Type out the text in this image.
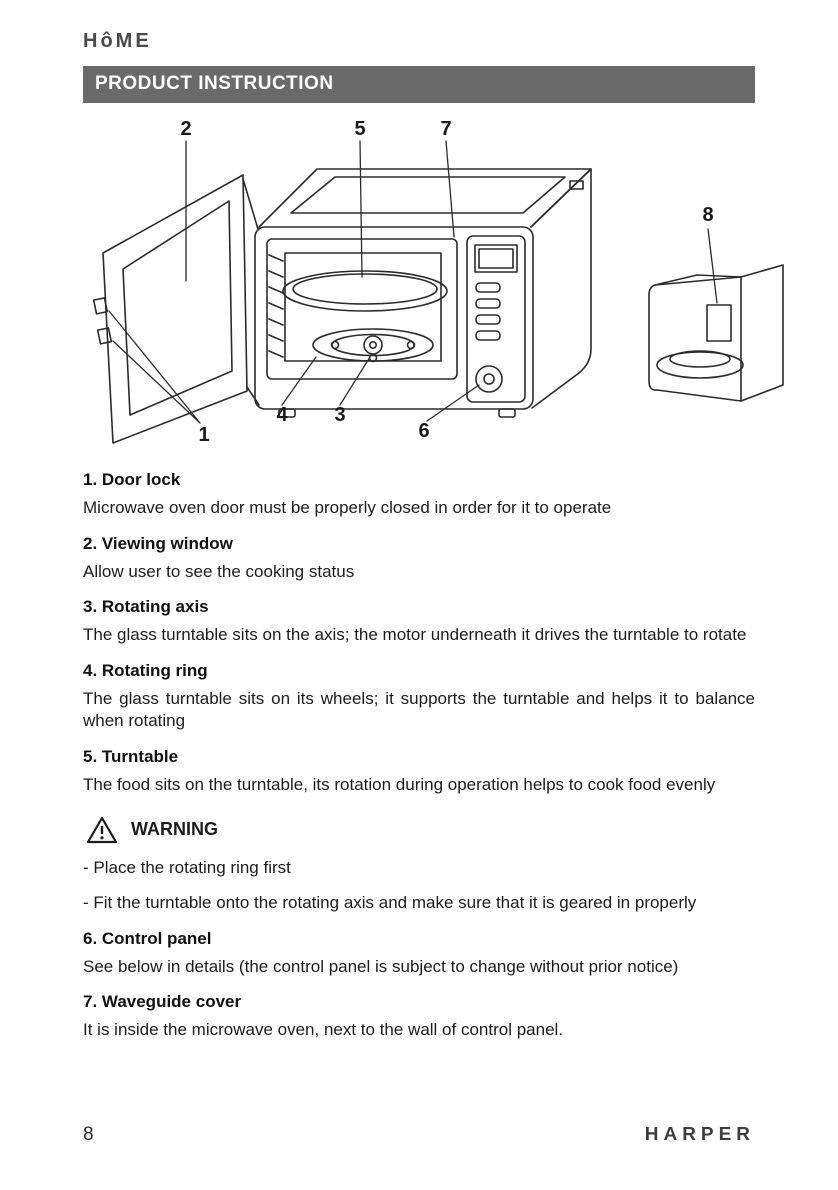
HôME
PRODUCT INSTRUCTION
2	5	7
8
1
4 3
6
1. Door lock

Microwave oven door must be properly closed in order for it to operate

2. Viewing window

Allow user to see the cooking status

3. Rotating axis

The glass turntable sits on the axis; the motor underneath it drives the turntable to rotate

4. Rotating ring

The glass turntable sits on its wheels; it supports the turntable and helps it to balance when rotating

5. Turntable

The food sits on the turntable, its rotation during operation helps to cook food evenly

WARNING

- Place the rotating ring first

- Fit the turntable onto the rotating axis and make sure that it is geared in properly

6. Control panel

See below in details (the control panel is subject to change without prior notice)

7. Waveguide cover

It is inside the microwave oven, next to the wall of control panel.

8	HARPER
